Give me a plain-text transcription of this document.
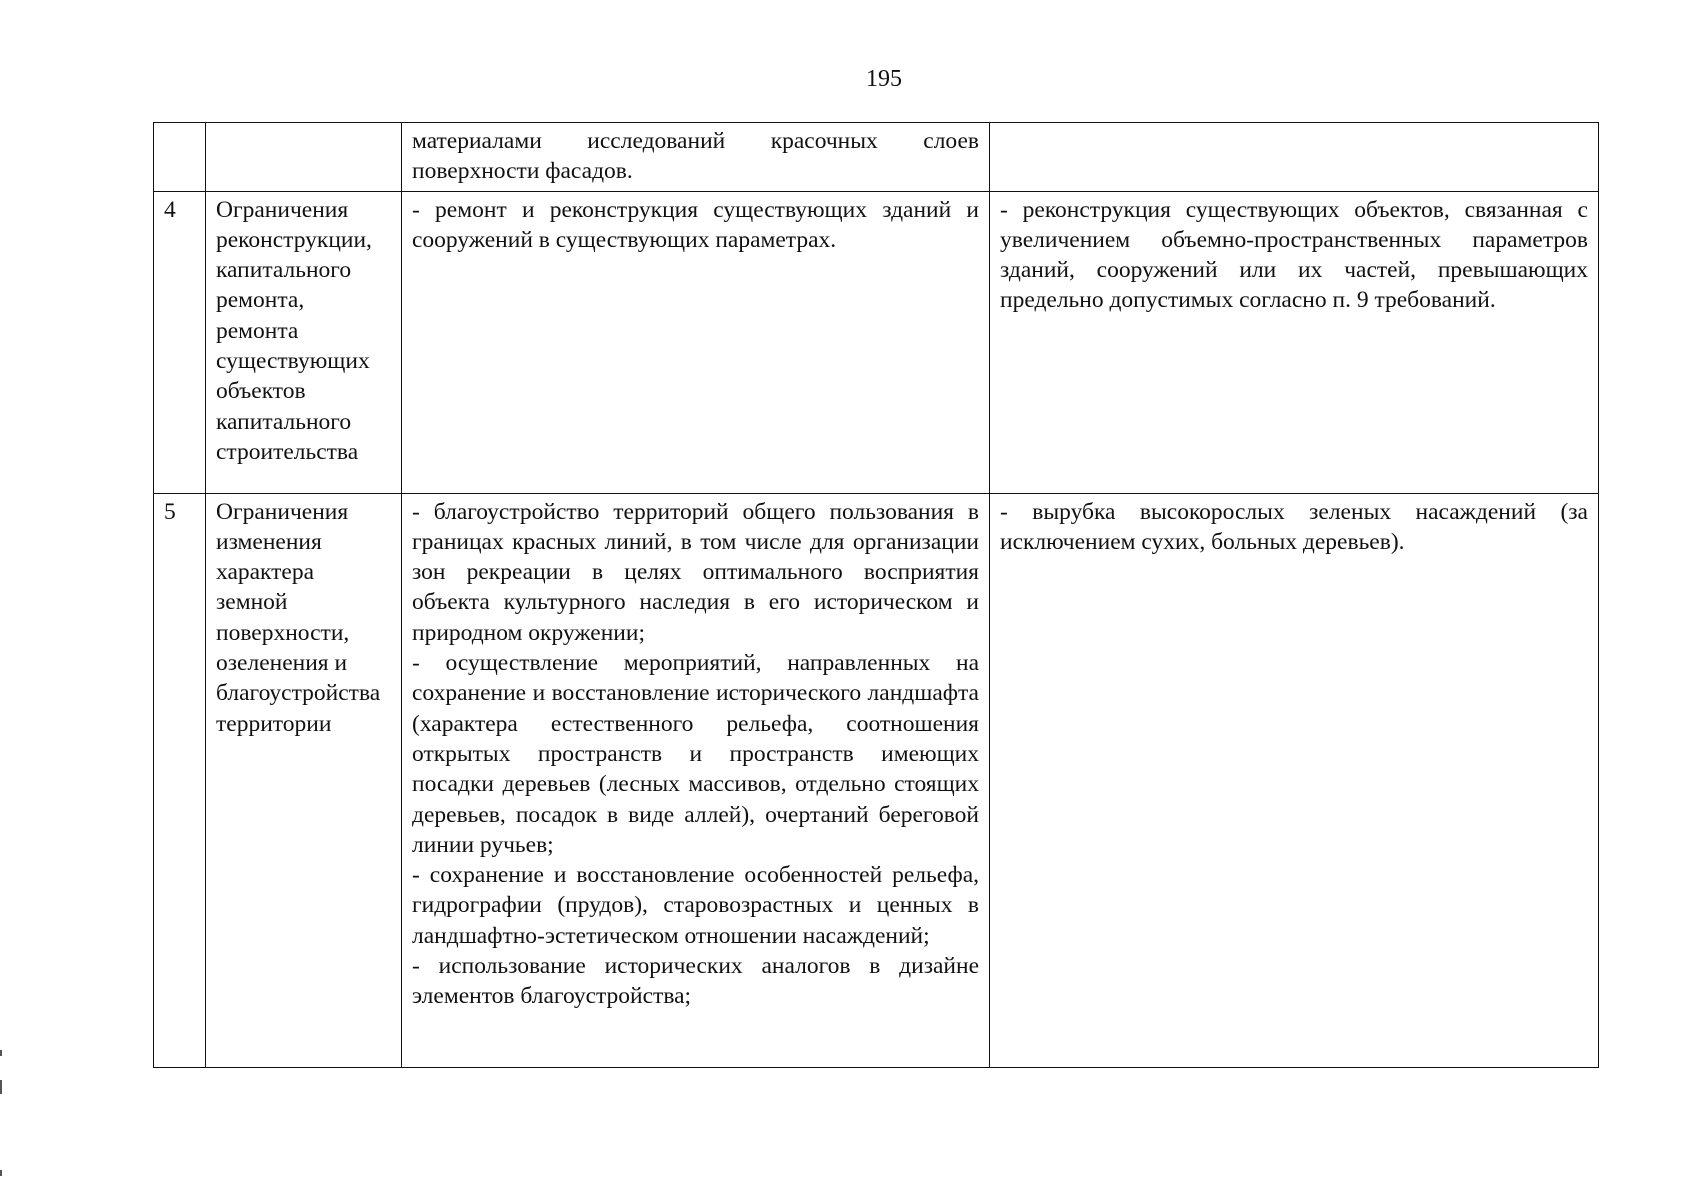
195

		материалами исследований красочных слоев поверхности фасадов.	

4	Ограничения реконструкции, капитального ремонта, ремонта существующих объектов капитального строительства	- ремонт и реконструкция существующих зданий и сооружений в существующих параметрах.	- реконструкция существующих объектов, связанная с увеличением объемно-пространственных параметров зданий, сооружений или их частей, превышающих предельно допустимых согласно п. 9 требований.
5	Ограничения изменения характера земной поверхности, озеленения и благоустройства территории	- благоустройство территорий общего пользования в границах красных линий, в том числе для организации зон рекреации в целях оптимального восприятия объекта культурного наследия в его историческом и природном окружении;
- осуществление мероприятий, направленных на сохранение и восстановление исторического ландшафта (характера естественного рельефа, соотношения открытых пространств и пространств имеющих посадки деревьев (лесных массивов, отдельно стоящих деревьев, посадок в виде аллей), очертаний береговой линии ручьев;
- сохранение и восстановление особенностей рельефа, гидрографии (прудов), старовозрастных и ценных в ландшафтно-эстетическом отношении насаждений;
- использование исторических аналогов в дизайне элементов благоустройства;	- вырубка высокорослых зеленых насаждений (за исключением сухих, больных деревьев).
